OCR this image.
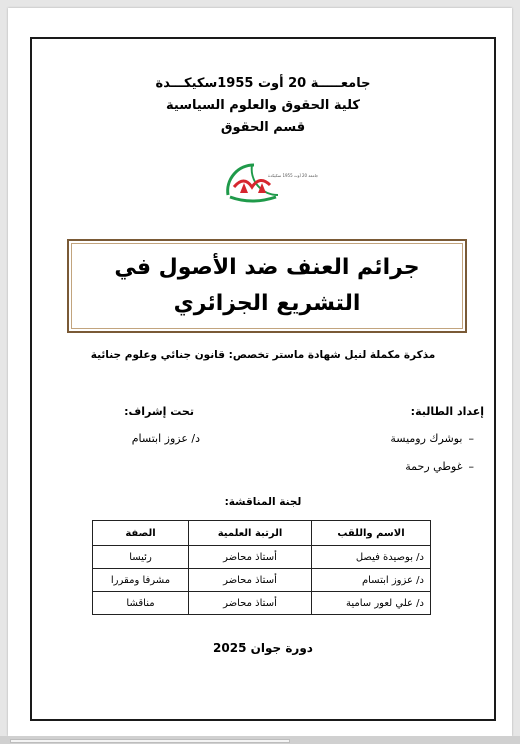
جامعـــــة 20 أوت 1955سكيكـــدة
كلية الحقوق والعلوم السياسية
قسم الحقوق
جامعة 20 أوت 1955 سكيكدة
جرائم العنف ضد الأصول في التشريع الجزائري
مذكرة مكملة لنيل شهادة ماستر تخصص: قانون جنائي وعلوم جنائية
إعداد الطالبة:
تحت إشراف:
–بوشرك روميسة
–غوطي رحمة
د/ عزوز ابتسام
لجنة المناقشة:
الاسم واللقب	الرتبة العلمية	الصفة
د/ بوصيدة فيصل	أستاذ محاضر	رئيسا
د/ عزوز ابتسام	أستاذ محاضر	مشرفا ومقررا
د/ علي لعور سامية	أستاذ محاضر	مناقشا
دورة جوان 2025
